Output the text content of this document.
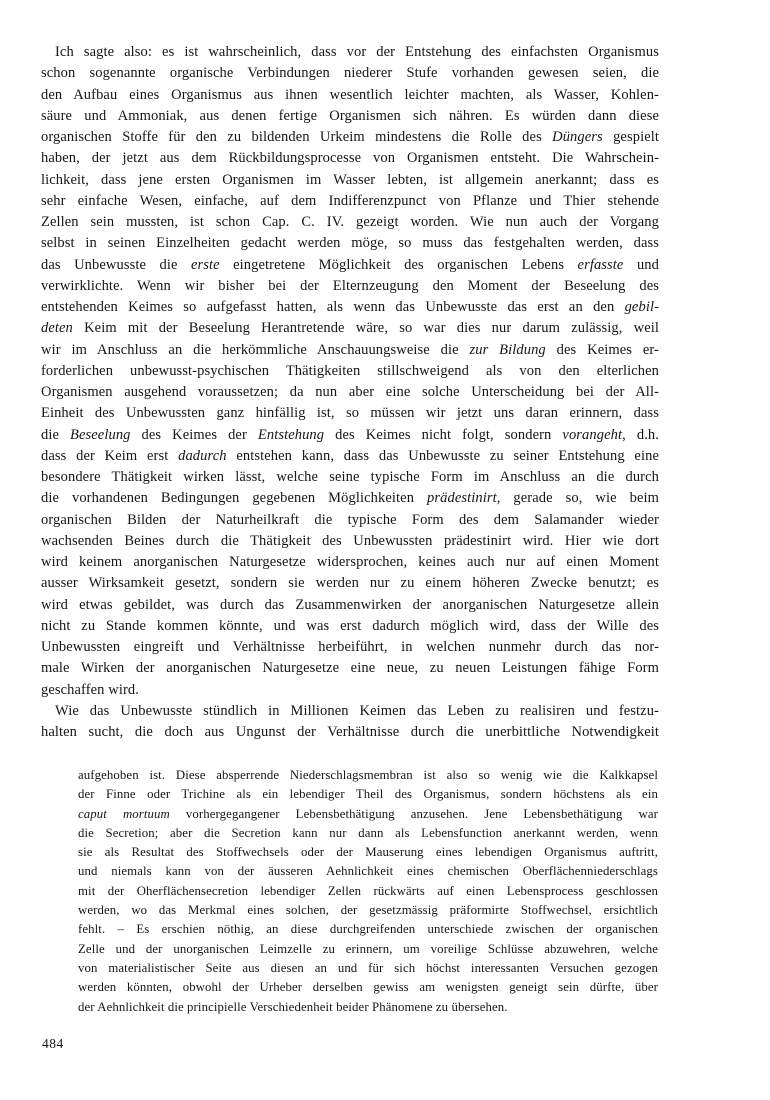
Ich sagte also: es ist wahrscheinlich, dass vor der Entstehung des einfachsten Organismus
schon sogenannte organische Verbindungen niederer Stufe vorhanden gewesen seien, die
den Aufbau eines Organismus aus ihnen wesentlich leichter machten, als Wasser, Kohlen-
säure und Ammoniak, aus denen fertige Organismen sich nähren. Es würden dann diese
organischen Stoffe für den zu bildenden Urkeim mindestens die Rolle des Düngers gespielt
haben, der jetzt aus dem Rückbildungsprocesse von Organismen entsteht. Die Wahrschein-
lichkeit, dass jene ersten Organismen im Wasser lebten, ist allgemein anerkannt; dass es
sehr einfache Wesen, einfache, auf dem Indifferenzpunct von Pflanze und Thier stehende
Zellen sein mussten, ist schon Cap. C. IV. gezeigt worden. Wie nun auch der Vorgang
selbst in seinen Einzelheiten gedacht werden möge, so muss das festgehalten werden, dass
das Unbewusste die erste eingetretene Möglichkeit des organischen Lebens erfasste und
verwirklichte. Wenn wir bisher bei der Elternzeugung den Moment der Beseelung des
entstehenden Keimes so aufgefasst hatten, als wenn das Unbewusste das erst an den gebil-
deten Keim mit der Beseelung Herantretende wäre, so war dies nur darum zulässig, weil
wir im Anschluss an die herkömmliche Anschauungsweise die zur Bildung des Keimes er-
forderlichen unbewusst-psychischen Thätigkeiten stillschweigend als von den elterlichen
Organismen ausgehend voraussetzen; da nun aber eine solche Unterscheidung bei der All-
Einheit des Unbewussten ganz hinfällig ist, so müssen wir jetzt uns daran erinnern, dass
die Beseelung des Keimes der Entstehung des Keimes nicht folgt, sondern vorangeht, d.h.
dass der Keim erst dadurch entstehen kann, dass das Unbewusste zu seiner Entstehung eine
besondere Thätigkeit wirken lässt, welche seine typische Form im Anschluss an die durch
die vorhandenen Bedingungen gegebenen Möglichkeiten prädestinirt, gerade so, wie beim
organischen Bilden der Naturheilkraft die typische Form des dem Salamander wieder
wachsenden Beines durch die Thätigkeit des Unbewussten prädestinirt wird. Hier wie dort
wird keinem anorganischen Naturgesetze widersprochen, keines auch nur auf einen Moment
ausser Wirksamkeit gesetzt, sondern sie werden nur zu einem höheren Zwecke benutzt; es
wird etwas gebildet, was durch das Zusammenwirken der anorganischen Naturgesetze allein
nicht zu Stande kommen könnte, und was erst dadurch möglich wird, dass der Wille des
Unbewussten eingreift und Verhältnisse herbeiführt, in welchen nunmehr durch das nor-
male Wirken der anorganischen Naturgesetze eine neue, zu neuen Leistungen fähige Form
geschaffen wird.
Wie das Unbewusste stündlich in Millionen Keimen das Leben zu realisiren und festzu-
halten sucht, die doch aus Ungunst der Verhältnisse durch die unerbittliche Notwendigkeit
aufgehoben ist. Diese absperrende Niederschlagsmembran ist also so wenig wie die Kalkkapsel
der Finne oder Trichine als ein lebendiger Theil des Organismus, sondern höchstens als ein
caput mortuum vorhergegangener Lebensbethätigung anzusehen. Jene Lebensbethätigung war
die Secretion; aber die Secretion kann nur dann als Lebensfunction anerkannt werden, wenn
sie als Resultat des Stoffwechsels oder der Mauserung eines lebendigen Organismus auftritt,
und niemals kann von der äusseren Aehnlichkeit eines chemischen Oberflächenniederschlags
mit der Oherflächensecretion lebendiger Zellen rückwärts auf einen Lebensprocess geschlossen
werden, wo das Merkmal eines solchen, der gesetzmässig präformirte Stoffwechsel, ersichtlich
fehlt. – Es erschien nöthig, an diese durchgreifenden unterschiede zwischen der organischen
Zelle und der unorganischen Leimzelle zu erinnern, um voreilige Schlüsse abzuwehren, welche
von materialistischer Seite aus diesen an und für sich höchst interessanten Versuchen gezogen
werden könnten, obwohl der Urheber derselben gewiss am wenigsten geneigt sein dürfte, über
der Aehnlichkeit die principielle Verschiedenheit beider Phänomene zu übersehen.
484
